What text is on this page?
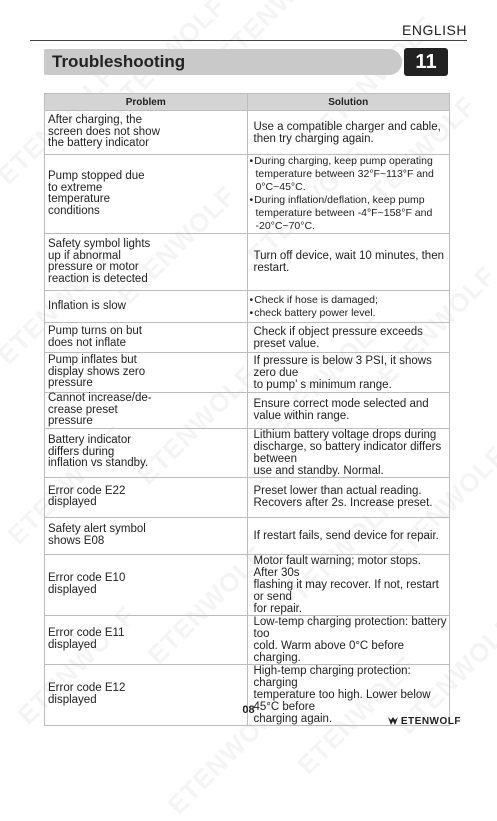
ENGLISH
Troubleshooting	11
Problem	Solution

After charging, the
screen does not show
the battery indicator	Use a compatible charger and cable,
then try charging again.

Pump stopped due
to extreme
temperature
conditions	• During charging, keep pump operating
temperature between 32°F~113°F and 0°C~45°C.
• During inflation/deflation, keep pump
temperature between -4°F~158°F and -20°C~70°C.

Safety symbol lights
up if abnormal
pressure or motor
reaction is detected	Turn off device, wait 10 minutes, then restart.

Inflation is slow	• Check if hose is damaged;
• check battery power level.

Pump turns on but
does not inflate	Check if object pressure exceeds preset value.

Pump inflates but
display shows zero
pressure	If pressure is below 3 PSI, it shows zero due
to pump’ s minimum range.

Cannot increase/de-
crease preset
pressure	Ensure correct mode selected and
value within range.

Battery indicator
differs during
inflation vs standby.	Lithium battery voltage drops during
discharge, so battery indicator differs between
use and standby. Normal.

Error code E22
displayed	Preset lower than actual reading.
Recovers after 2s. Increase preset.

Safety alert symbol
shows E08	If restart fails, send device for repair.

Error code E10
displayed	Motor fault warning; motor stops. After 30s
flashing it may recover. If not, restart or send
for repair.

Error code E11
displayed	Low-temp charging protection: battery too
cold. Warm above 0°C before charging.

Error code E12
displayed	High-temp charging protection: charging
temperature too high. Lower below 45°C before
charging again.
08
ETENWOLF
